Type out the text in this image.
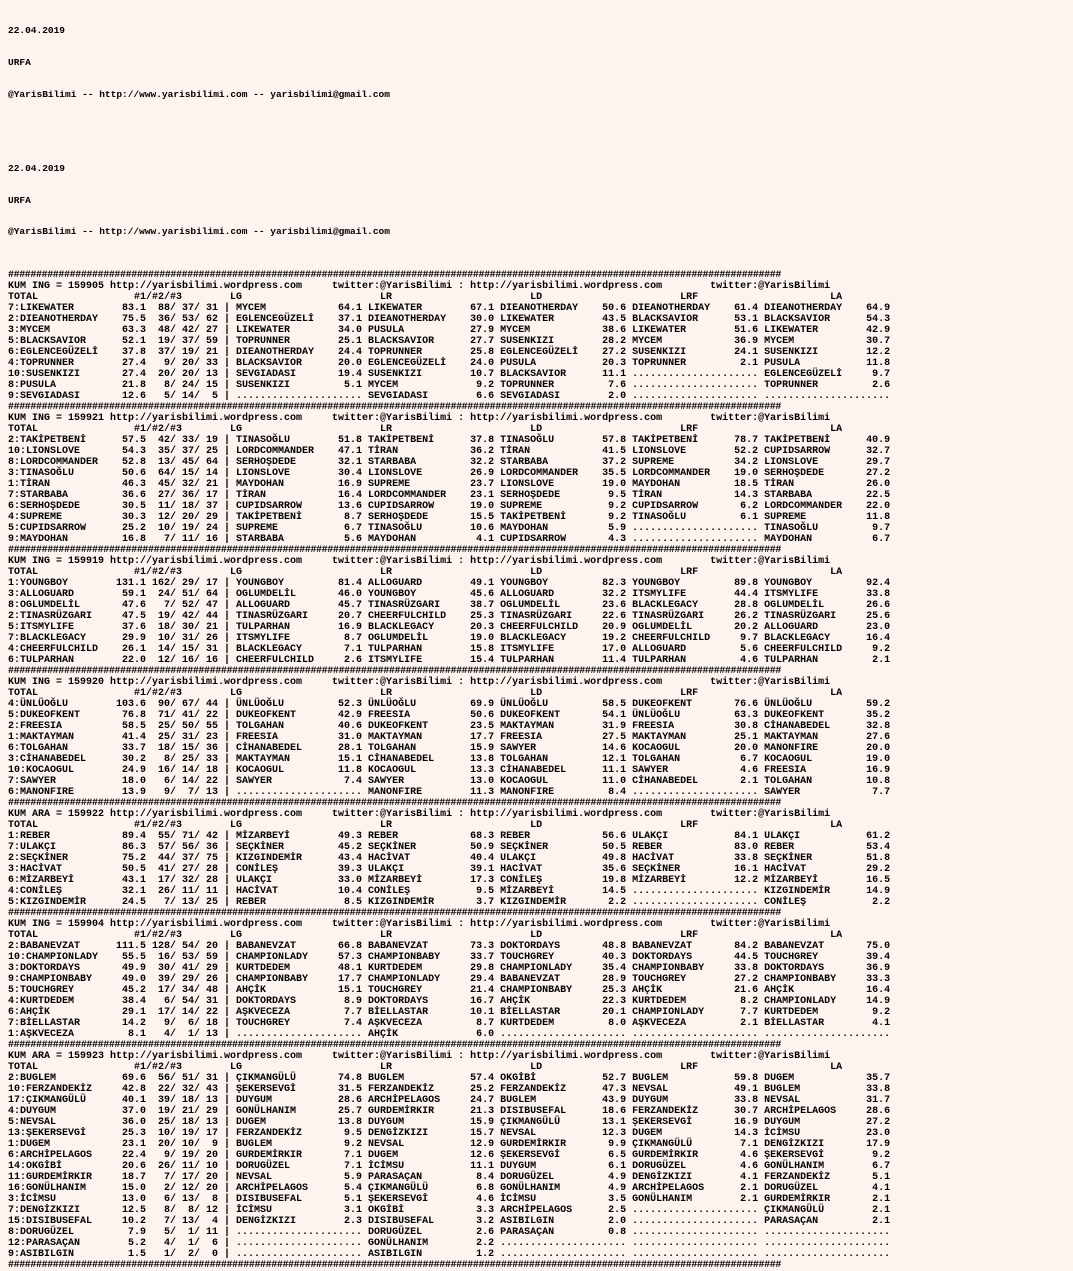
22.04.2019

URFA

@YarisBilimi -- http://www.yarisbilimi.com -- yarisbilimi@gmail.com

22.04.2019

URFA

@YarisBilimi -- http://www.yarisbilimi.com -- yarisbilimi@gmail.com

##########################################################################################################################################
KUM ING = 159905 http://yarisbilimi.wordpress.com     twitter:@YarisBilimi : http://yarisbilimi.wordpress.com        twitter:@YarisBilimi
TOTAL                #1/#2/#3        LG                       LR                       LD                       LRF                      LA
7:LIKEWATER        83.1  88/ 37/ 31 | MYCEM            64.1 LIKEWATER        67.1 DIEANOTHERDAY    50.6 DIEANOTHERDAY    61.4 DIEANOTHERDAY    64.9
2:DIEANOTHERDAY    75.5  36/ 53/ 62 | EGLENCEGÜZELİ    37.1 DIEANOTHERDAY    30.0 LIKEWATER        43.5 BLACKSAVIOR      53.1 BLACKSAVIOR      54.3
3:MYCEM            63.3  48/ 42/ 27 | LIKEWATER        34.0 PUSULA           27.9 MYCEM            38.6 LIKEWATER        51.6 LIKEWATER        42.9
5:BLACKSAVIOR      52.1  19/ 37/ 59 | TOPRUNNER        25.1 BLACKSAVIOR      27.7 SUSENKIZI        28.2 MYCEM            36.9 MYCEM            30.7
6:EGLENCEGÜZELİ    37.8  37/ 19/ 21 | DIEANOTHERDAY    24.4 TOPRUNNER        25.8 EGLENCEGÜZELİ    27.2 SUSENKIZI        24.1 SUSENKIZI        12.2
4:TOPRUNNER        27.4   9/ 20/ 33 | BLACKSAVIOR      20.0 EGLENCEGÜZELİ    24.0 PUSULA           20.3 TOPRUNNER         2.1 PUSULA           11.8
10:SUSENKIZI       27.4  20/ 20/ 13 | SEVGIADASI       19.4 SUSENKIZI        10.7 BLACKSAVIOR      11.1 ..................... EGLENCEGÜZELİ     9.7
8:PUSULA           21.8   8/ 24/ 15 | SUSENKIZI         5.1 MYCEM             9.2 TOPRUNNER         7.6 ..................... TOPRUNNER         2.6
9:SEVGIADASI       12.6   5/ 14/  5 | ..................... SEVGIADASI        6.6 SEVGIADASI        2.0 ..................... .....................
##########################################################################################################################################
KUM ING = 159921 http://yarisbilimi.wordpress.com     twitter:@YarisBilimi : http://yarisbilimi.wordpress.com        twitter:@YarisBilimi
TOTAL                #1/#2/#3        LG                       LR                       LD                       LRF                      LA
2:TAKİPETBENİ      57.5  42/ 33/ 19 | TINASOĞLU        51.8 TAKİPETBENİ      37.8 TINASOĞLU        57.8 TAKİPETBENİ      78.7 TAKİPETBENİ      40.9
10:LIONSLOVE       54.3  35/ 37/ 25 | LORDCOMMANDER    47.1 TİRAN            36.2 TİRAN            41.5 LIONSLOVE        52.2 CUPIDSARROW      32.7
8:LORDCOMMANDER    52.8  13/ 45/ 64 | SERHOŞDEDE       32.1 STARBABA         32.2 STARBABA         37.2 SUPREME          34.2 LIONSLOVE        29.7
3:TINASOĞLU        50.6  64/ 15/ 14 | LIONSLOVE        30.4 LIONSLOVE        26.9 LORDCOMMANDER    35.5 LORDCOMMANDER    19.0 SERHOŞDEDE       27.2
1:TİRAN            46.3  45/ 32/ 21 | MAYDOHAN         16.9 SUPREME          23.7 LIONSLOVE        19.0 MAYDOHAN         18.5 TİRAN            26.0
7:STARBABA         36.6  27/ 36/ 17 | TİRAN            16.4 LORDCOMMANDER    23.1 SERHOŞDEDE        9.5 TİRAN            14.3 STARBABA         22.5
6:SERHOŞDEDE       30.5  11/ 18/ 37 | CUPIDSARROW      13.6 CUPIDSARROW      19.0 SUPREME           9.2 CUPIDSARROW       6.2 LORDCOMMANDER    22.0
4:SUPREME          30.3  12/ 20/ 29 | TAKİPETBENİ       8.7 SERHOŞDEDE       15.5 TAKİPETBENİ       9.2 TINASOĞLU         6.1 SUPREME          11.8
5:CUPIDSARROW      25.2  10/ 19/ 24 | SUPREME           6.7 TINASOĞLU        10.6 MAYDOHAN          5.9 ..................... TINASOĞLU         9.7
9:MAYDOHAN         16.8   7/ 11/ 16 | STARBABA          5.6 MAYDOHAN          4.1 CUPIDSARROW       4.3 ..................... MAYDOHAN          6.7
##########################################################################################################################################
KUM ING = 159919 http://yarisbilimi.wordpress.com     twitter:@YarisBilimi : http://yarisbilimi.wordpress.com        twitter:@YarisBilimi
TOTAL                #1/#2/#3        LG                       LR                       LD                       LRF                      LA
1:YOUNGBOY        131.1 162/ 29/ 17 | YOUNGBOY         81.4 ALLOGUARD        49.1 YOUNGBOY         82.3 YOUNGBOY         89.8 YOUNGBOY         92.4
3:ALLOGUARD        59.1  24/ 51/ 64 | OGLUMDELİL       46.0 YOUNGBOY         45.6 ALLOGUARD        32.2 ITSMYLIFE        44.4 ITSMYLIFE        33.8
8:OGLUMDELİL       47.6   7/ 52/ 47 | ALLOGUARD        45.7 TINASRÜZGARI     38.7 OGLUMDELİL       23.6 BLACKLEGACY      28.8 OGLUMDELİL       26.6
2:TINASRÜZGARI     47.5  19/ 42/ 44 | TINASRÜZGARI     20.7 CHEERFULCHILD    25.3 TINASRÜZGARI     22.6 TINASRÜZGARI     26.2 TINASRÜZGARI     25.6
5:ITSMYLIFE        37.6  18/ 30/ 21 | TULPARHAN        16.9 BLACKLEGACY      20.3 CHEERFULCHILD    20.9 OGLUMDELİL       20.2 ALLOGUARD        23.0
7:BLACKLEGACY      29.9  10/ 31/ 26 | ITSMYLIFE         8.7 OGLUMDELİL       19.0 BLACKLEGACY      19.2 CHEERFULCHILD     9.7 BLACKLEGACY      16.4
4:CHEERFULCHILD    26.1  14/ 15/ 31 | BLACKLEGACY       7.1 TULPARHAN        15.8 ITSMYLIFE        17.0 ALLOGUARD         5.6 CHEERFULCHILD     9.2
6:TULPARHAN        22.0  12/ 16/ 16 | CHEERFULCHILD     2.6 ITSMYLIFE        15.4 TULPARHAN        11.4 TULPARHAN         4.6 TULPARHAN         2.1
##########################################################################################################################################
KUM ING = 159920 http://yarisbilimi.wordpress.com     twitter:@YarisBilimi : http://yarisbilimi.wordpress.com        twitter:@YarisBilimi
TOTAL                #1/#2/#3        LG                       LR                       LD                       LRF                      LA
4:ÜNLÜOĞLU        103.6  90/ 67/ 44 | ÜNLÜOĞLU         52.3 ÜNLÜOĞLU         69.9 ÜNLÜOĞLU         58.5 DUKEOFKENT       76.6 ÜNLÜOĞLU         59.2
5:DUKEOFKENT       76.8  71/ 41/ 22 | DUKEOFKENT       42.9 FREESIA          50.6 DUKEOFKENT       54.1 ÜNLÜOĞLU         63.3 DUKEOFKENT       35.2
2:FREESIA          58.5  25/ 50/ 55 | TOLGAHAN         40.6 DUKEOFKENT       23.5 MAKTAYMAN        31.9 FREESIA          30.8 CİHANABEDEL      32.8
1:MAKTAYMAN        41.4  25/ 31/ 23 | FREESIA          31.0 MAKTAYMAN        17.7 FREESIA          27.5 MAKTAYMAN        25.1 MAKTAYMAN        27.6
6:TOLGAHAN         33.7  18/ 15/ 36 | CİHANABEDEL      28.1 TOLGAHAN         15.9 SAWYER           14.6 KOCAOGUL         20.0 MANONFIRE        20.0
3:CİHANABEDEL      30.2   8/ 25/ 33 | MAKTAYMAN        15.1 CİHANABEDEL      13.8 TOLGAHAN         12.1 TOLGAHAN          6.7 KOCAOGUL         19.0
10:KOCAOGUL        24.9  16/ 14/ 18 | KOCAOGUL         11.8 KOCAOGUL         13.3 CİHANABEDEL      11.1 SAWYER            4.6 FREESIA          16.9
7:SAWYER           18.0   6/ 14/ 22 | SAWYER            7.4 SAWYER           13.0 KOCAOGUL         11.0 CİHANABEDEL       2.1 TOLGAHAN         10.8
6:MANONFIRE        13.9   9/  7/ 13 | ..................... MANONFIRE        11.3 MANONFIRE         8.4 ..................... SAWYER            7.7
##########################################################################################################################################
KUM ARA = 159922 http://yarisbilimi.wordpress.com     twitter:@YarisBilimi : http://yarisbilimi.wordpress.com        twitter:@YarisBilimi
TOTAL                #1/#2/#3        LG                       LR                       LD                       LRF                      LA
1:REBER            89.4  55/ 71/ 42 | MİZARBEYİ        49.3 REBER            68.3 REBER            56.6 ULAKÇI           84.1 ULAKÇI           61.2
7:ULAKÇI           86.3  57/ 56/ 36 | SEÇKİNER         45.2 SEÇKİNER         50.9 SEÇKİNER         50.5 REBER            83.0 REBER            53.4
2:SEÇKİNER         75.2  44/ 37/ 75 | KIZGINDEMİR      43.4 HACİVAT          40.4 ULAKÇI           49.8 HACİVAT          33.8 SEÇKİNER         51.8
3:HACİVAT          50.5  41/ 27/ 28 | CONİLEŞ          39.3 ULAKÇI           39.1 HACİVAT          35.6 SEÇKİNER         16.1 HACİVAT          29.2
6:MİZARBEYİ        43.1  17/ 32/ 28 | ULAKÇI           33.0 MİZARBEYİ        17.3 CONİLEŞ          19.8 MİZARBEYİ        12.2 MİZARBEYİ        16.5
4:CONİLEŞ          32.1  26/ 11/ 11 | HACİVAT          10.4 CONİLEŞ           9.5 MİZARBEYİ        14.5 ..................... KIZGINDEMİR      14.9
5:KIZGINDEMİR      24.5   7/ 13/ 25 | REBER             8.5 KIZGINDEMİR       3.7 KIZGINDEMİR       2.2 ..................... CONİLEŞ           2.2
##########################################################################################################################################
KUM ING = 159904 http://yarisbilimi.wordpress.com     twitter:@YarisBilimi : http://yarisbilimi.wordpress.com        twitter:@YarisBilimi
TOTAL                #1/#2/#3        LG                       LR                       LD                       LRF                      LA
2:BABANEVZAT      111.5 128/ 54/ 20 | BABANEVZAT       66.8 BABANEVZAT       73.3 DOKTORDAYS       48.8 BABANEVZAT       84.2 BABANEVZAT       75.0
10:CHAMPIONLADY    55.5  16/ 53/ 59 | CHAMPIONLADY     57.3 CHAMPIONBABY     33.7 TOUCHGREY        40.3 DOKTORDAYS       44.5 TOUCHGREY        39.4
3:DOKTORDAYS       49.9  30/ 41/ 29 | KURTDEDEM        48.1 KURTDEDEM        29.8 CHAMPIONLADY     35.4 CHAMPIONBABY     33.8 DOKTORDAYS       36.9
9:CHAMPIONBABY     49.0  39/ 29/ 26 | CHAMPIONBABY     17.7 CHAMPIONLADY     29.4 BABANEVZAT       28.9 TOUCHGREY        27.2 CHAMPIONBABY     33.3
5:TOUCHGREY        45.2  17/ 34/ 48 | AHÇİK            15.1 TOUCHGREY        21.4 CHAMPIONBABY     25.3 AHÇİK            21.6 AHÇİK            16.4
4:KURTDEDEM        38.4   6/ 54/ 31 | DOKTORDAYS        8.9 DOKTORDAYS       16.7 AHÇİK            22.3 KURTDEDEM         8.2 CHAMPIONLADY     14.9
6:AHÇİK            29.1  17/ 14/ 22 | AŞKVECEZA         7.7 BİELLASTAR       10.1 BİELLASTAR       20.1 CHAMPIONLADY      7.7 KURTDEDEM         9.2
7:BİELLASTAR       14.2   9/  6/ 18 | TOUCHGREY         7.4 AŞKVECEZA         8.7 KURTDEDEM         8.0 AŞKVECEZA         2.1 BİELLASTAR        4.1
1:AŞKVECEZA         8.1   4/  1/ 13 | ..................... AHÇİK             6.0 ..................... ..................... .....................
##########################################################################################################################################
KUM ARA = 159923 http://yarisbilimi.wordpress.com     twitter:@YarisBilimi : http://yarisbilimi.wordpress.com        twitter:@YarisBilimi
TOTAL                #1/#2/#3        LG                       LR                       LD                       LRF                      LA
2:BUGLEM           69.6  56/ 51/ 31 | ÇIKMANGÜLÜ       74.8 BUGLEM           57.4 OKGİBİ           52.7 BUGLEM           59.8 DUGEM            35.7
10:FERZANDEKİZ     42.8  22/ 32/ 43 | ŞEKERSEVGİ       31.5 FERZANDEKİZ      25.2 FERZANDEKİZ      47.3 NEVSAL           49.1 BUGLEM           33.8
17:ÇIKMANGÜLÜ      40.1  39/ 18/ 13 | DUYGUM           28.6 ARCHİPELAGOS     24.7 BUGLEM           43.9 DUYGUM           33.8 NEVSAL           31.7
4:DUYGUM           37.0  19/ 21/ 29 | GONÜLHANIM       25.7 GURDEMİRKIR      21.3 DISIBUSEFAL      18.6 FERZANDEKİZ      30.7 ARCHİPELAGOS     28.6
5:NEVSAL           36.0  25/ 18/ 13 | DUGEM            13.8 DUYGUM           15.9 ÇIKMANGÜLÜ       13.1 ŞEKERSEVGİ       16.9 DUYGUM           27.2
13:ŞEKERSEVGİ      25.3  10/ 19/ 17 | FERZANDEKİZ       9.5 DENGİZKIZI       15.7 NEVSAL           12.3 DUGEM            14.3 İCİMSU           23.0
1:DUGEM            23.1  20/ 10/  9 | BUGLEM            9.2 NEVSAL           12.9 GURDEMİRKIR       9.9 ÇIKMANGÜLÜ        7.1 DENGİZKIZI       17.9
6:ARCHİPELAGOS     22.4   9/ 19/ 20 | GURDEMİRKIR       7.1 DUGEM            12.6 ŞEKERSEVGİ        6.5 GURDEMİRKIR       4.6 ŞEKERSEVGİ        9.2
14:OKGİBİ          20.6  26/ 11/ 10 | DORUGÜZEL         7.1 İCİMSU           11.1 DUYGUM            6.1 DORUGÜZEL         4.6 GONÜLHANIM        6.7
11:GURDEMİRKIR     18.7   7/ 17/ 20 | NEVSAL            5.9 PARASAÇAN         8.4 DORUGÜZEL         4.9 DENGİZKIZI        4.1 FERZANDEKİZ       5.1
16:GONÜLHANIM      15.0   2/ 12/ 20 | ARCHİPELAGOS      5.4 ÇIKMANGÜLÜ        6.8 GONÜLHANIM        4.9 ARCHİPELAGOS      2.1 DORUGÜZEL         4.1
3:İCİMSU           13.0   6/ 13/  8 | DISIBUSEFAL       5.1 ŞEKERSEVGİ        4.6 İCİMSU            3.5 GONÜLHANIM        2.1 GURDEMİRKIR       2.1
7:DENGİZKIZI       12.5   8/  8/ 12 | İCİMSU            3.1 OKGİBİ            3.3 ARCHİPELAGOS      2.5 ..................... ÇIKMANGÜLÜ        2.1
15:DISIBUSEFAL     10.2   7/ 13/  4 | DENGİZKIZI        2.3 DISIBUSEFAL       3.2 ASIBILGIN         2.0 ..................... PARASAÇAN         2.1
8:DORUGÜZEL         7.9   5/  1/ 11 | ..................... DORUGÜZEL         2.6 PARASAÇAN         0.8 ..................... .....................
12:PARASAÇAN        5.2   4/  1/  6 | ..................... GONÜLHANIM        2.2 ..................... ..................... .....................
9:ASIBILGIN         1.5   1/  2/  0 | ..................... ASIBILGIN         1.2 ..................... ..................... .....................
##########################################################################################################################################
